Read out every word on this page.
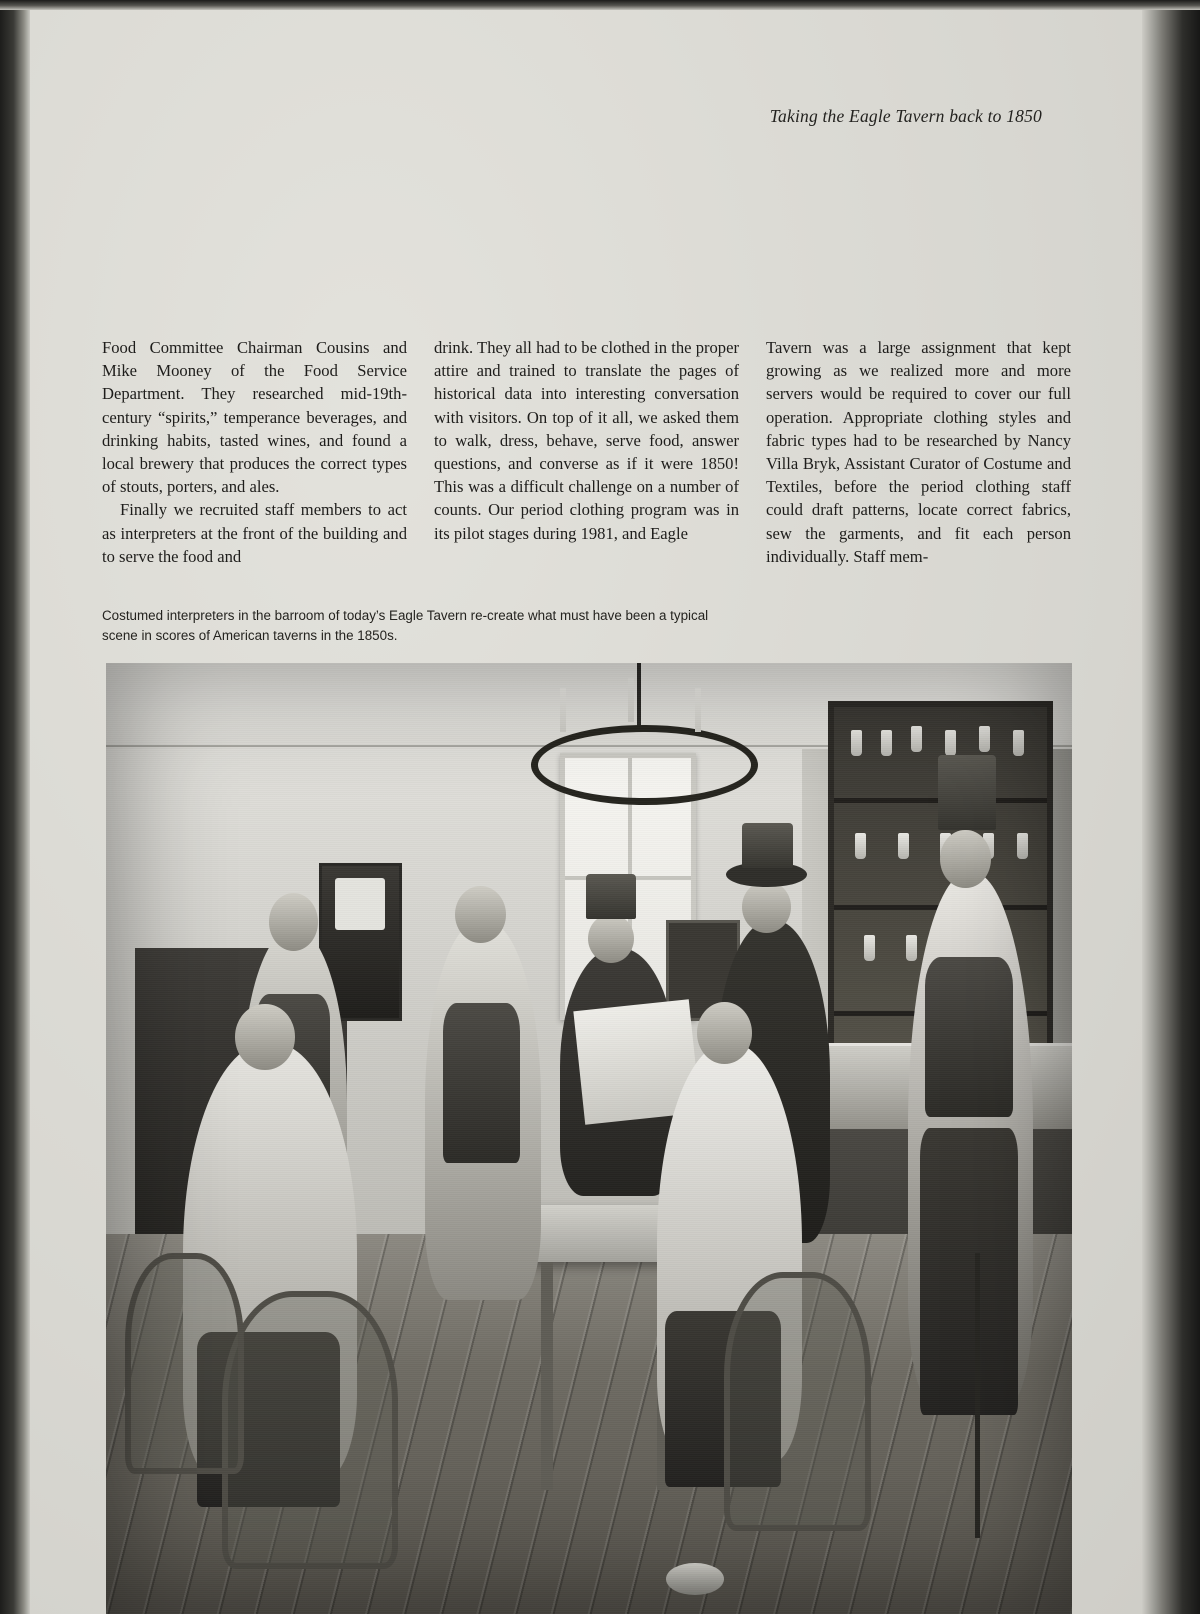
Taking the Eagle Tavern back to 1850

Food Committee Chairman Cousins and Mike Mooney of the Food Service Department. They researched mid-19th-century “spirits,” temperance beverages, and drinking habits, tasted wines, and found a local brewery that produces the correct types of stouts, porters, and ales.

Finally we recruited staff members to act as interpreters at the front of the building and to serve the food and

drink. They all had to be clothed in the proper attire and trained to translate the pages of historical data into interesting conversation with visitors. On top of it all, we asked them to walk, dress, behave, serve food, answer questions, and converse as if it were 1850! This was a difficult challenge on a number of counts. Our period clothing program was in its pilot stages during 1981, and Eagle

Tavern was a large assignment that kept growing as we realized more and more servers would be required to cover our full operation. Appropriate clothing styles and fabric types had to be researched by Nancy Villa Bryk, Assistant Curator of Costume and Textiles, before the period clothing staff could draft patterns, locate correct fabrics, sew the garments, and fit each person individually. Staff mem-

Costumed interpreters in the barroom of today’s Eagle Tavern re-create what must have been a typical scene in scores of American taverns in the 1850s.
